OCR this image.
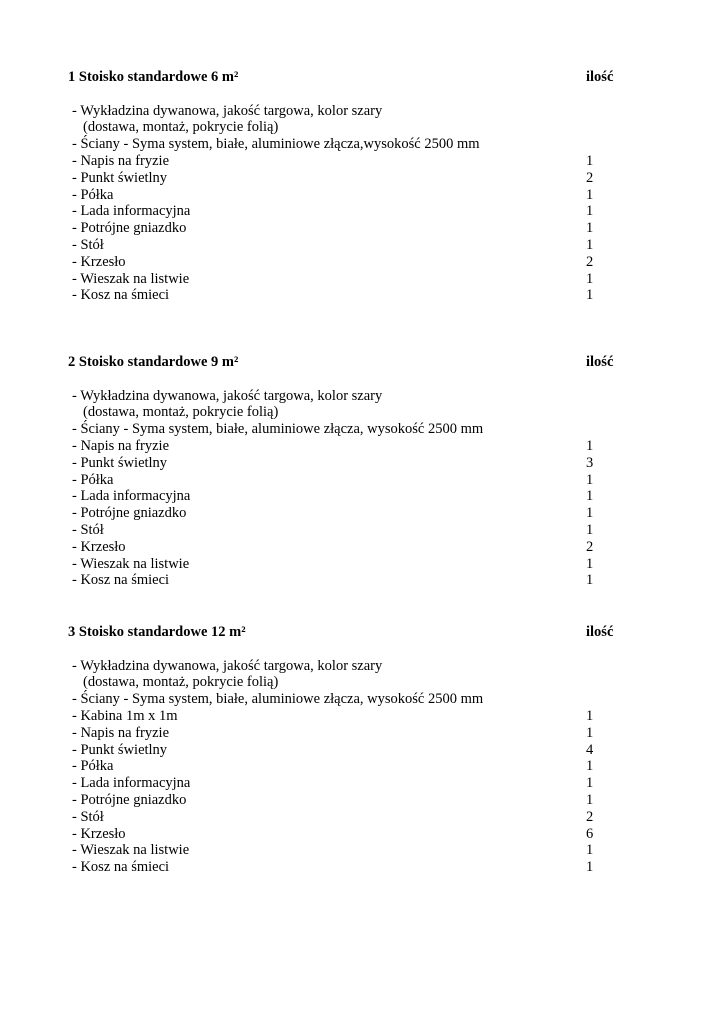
1 Stoisko standardowe 6 m²	ilość
- Wykładzina dywanowa, jakość targowa, kolor szary
(dostawa, montaż, pokrycie folią)
- Ściany - Syma system, białe, aluminiowe złącza,wysokość 2500 mm
- Napis na fryzie	1
- Punkt świetlny	2
- Półka	1
- Lada informacyjna	1
- Potrójne gniazdko	1
- Stół	1
- Krzesło	2
- Wieszak na listwie	1
- Kosz na śmieci	1
2 Stoisko standardowe 9 m²	ilość
- Wykładzina dywanowa, jakość targowa, kolor szary
(dostawa, montaż, pokrycie folią)
- Ściany - Syma system, białe, aluminiowe złącza, wysokość 2500 mm
- Napis na fryzie	1
- Punkt świetlny	3
- Półka	1
- Lada informacyjna	1
- Potrójne gniazdko	1
- Stół	1
- Krzesło	2
- Wieszak na listwie	1
- Kosz na śmieci	1
3 Stoisko standardowe 12 m²	ilość
- Wykładzina dywanowa, jakość targowa, kolor szary
(dostawa, montaż, pokrycie folią)
- Ściany - Syma system, białe, aluminiowe złącza, wysokość 2500 mm
- Kabina 1m x 1m	1
- Napis na fryzie	1
- Punkt świetlny	4
- Półka	1
- Lada informacyjna	1
- Potrójne gniazdko	1
- Stół	2
- Krzesło	6
- Wieszak na listwie	1
- Kosz na śmieci	1
